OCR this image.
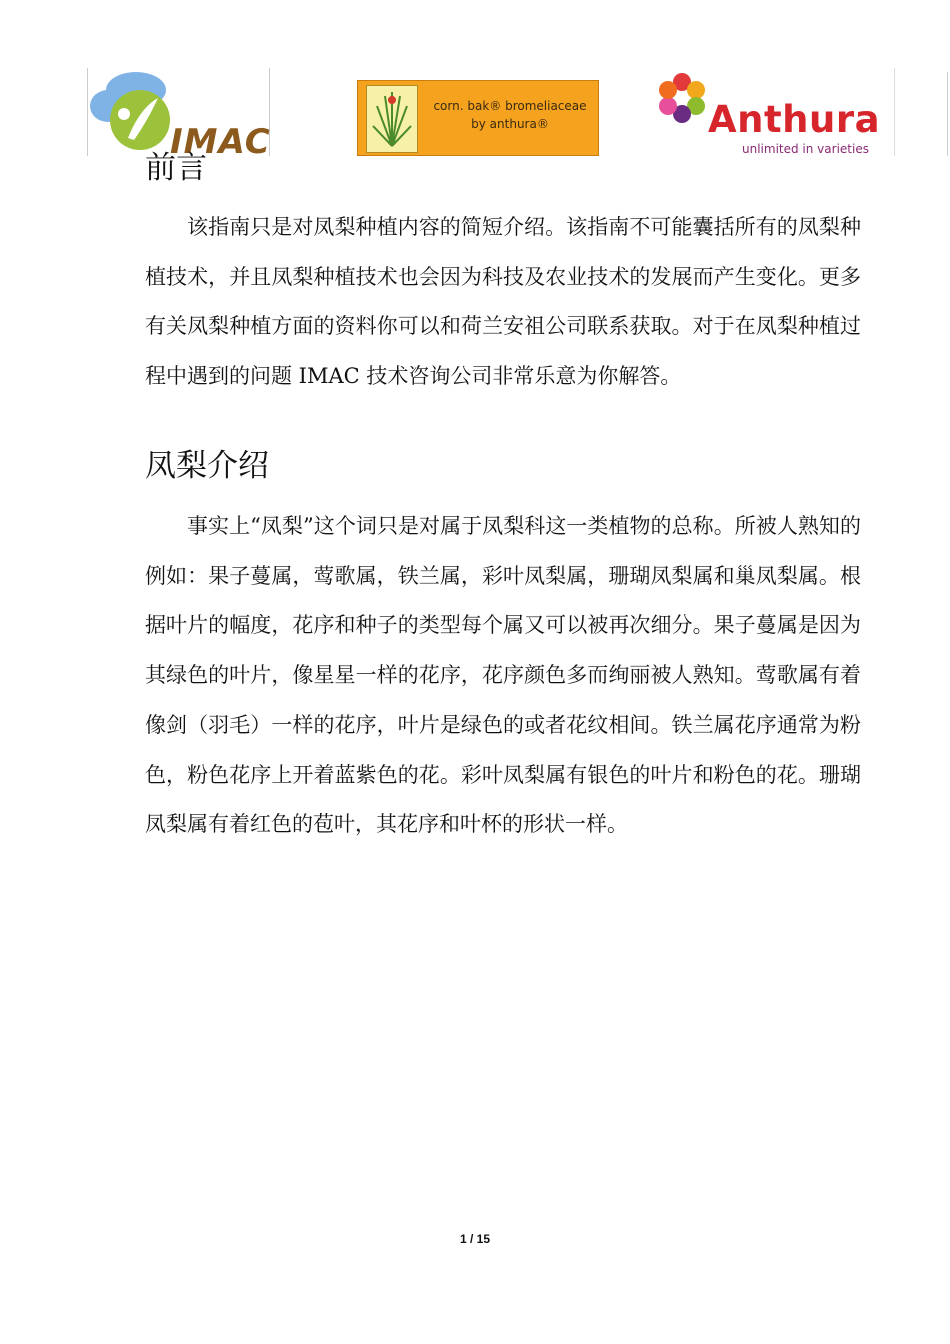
IMAC
corn. bak® bromeliaceae
by anthura®	Anthura
unlimited in varieties
前言

该指南只是对凤梨种植内容的简短介绍。该指南不可能囊括所有的凤梨种植技术，并且凤梨种植技术也会因为科技及农业技术的发展而产生变化。更多有关凤梨种植方面的资料你可以和荷兰安祖公司联系获取。对于在凤梨种植过程中遇到的问题 IMAC 技术咨询公司非常乐意为你解答。

凤梨介绍

事实上“凤梨”这个词只是对属于凤梨科这一类植物的总称。所被人熟知的例如：果子蔓属，莺歌属，铁兰属，彩叶凤梨属，珊瑚凤梨属和巢凤梨属。根据叶片的幅度，花序和种子的类型每个属又可以被再次细分。果子蔓属是因为其绿色的叶片，像星星一样的花序，花序颜色多而绚丽被人熟知。莺歌属有着像剑（羽毛）一样的花序，叶片是绿色的或者花纹相间。铁兰属花序通常为粉色，粉色花序上开着蓝紫色的花。彩叶凤梨属有银色的叶片和粉色的花。珊瑚凤梨属有着红色的苞叶，其花序和叶杯的形状一样。

1 / 15
